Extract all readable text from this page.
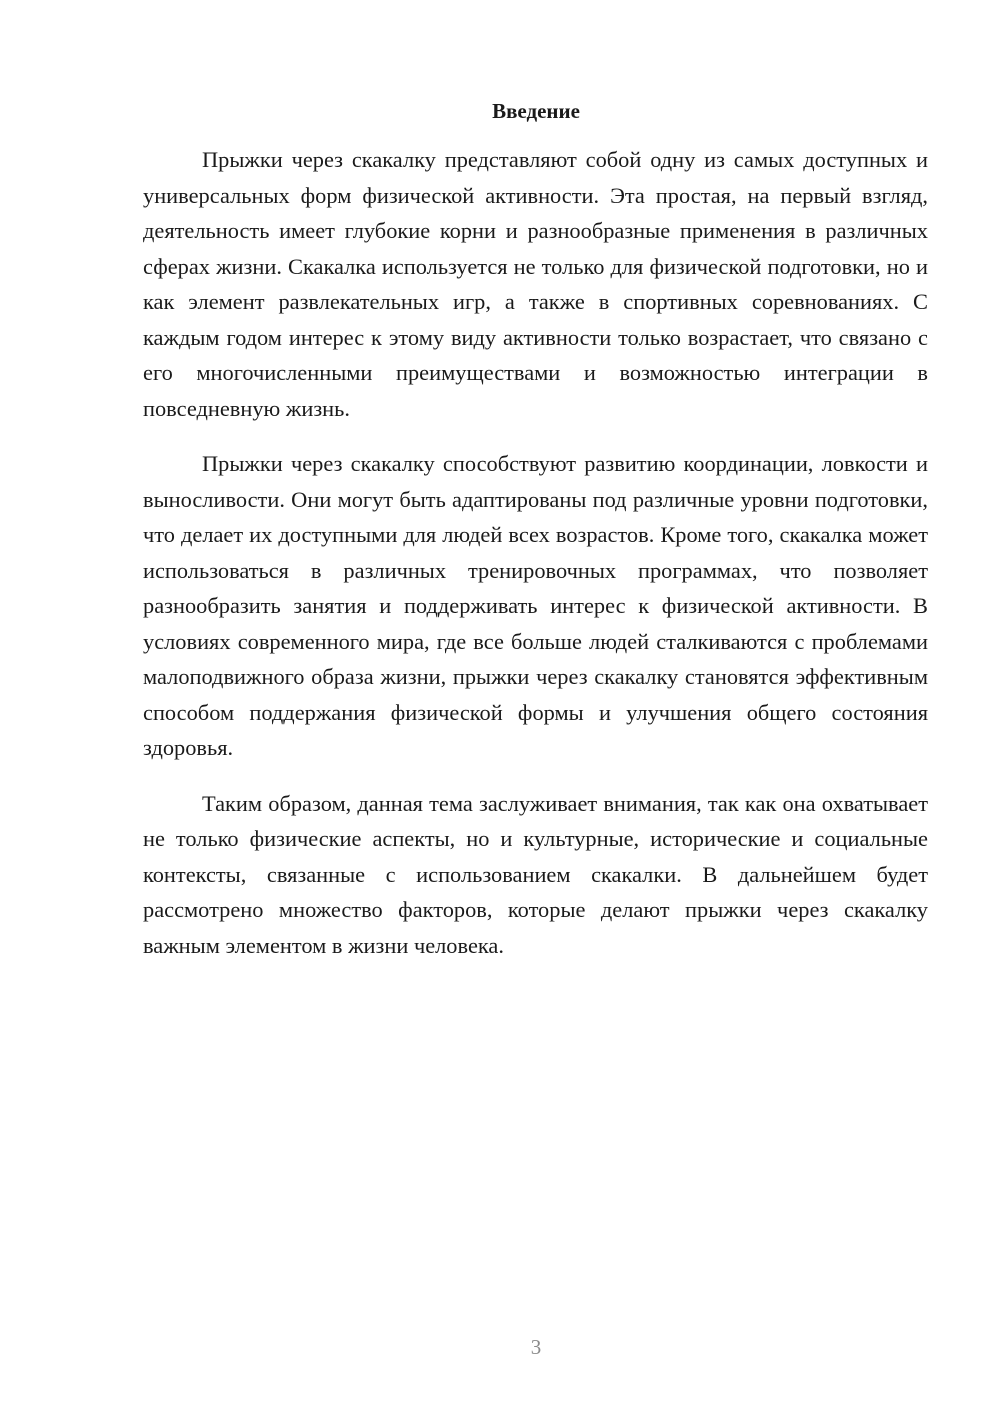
Введение

Прыжки через скакалку представляют собой одну из самых доступных и универсальных форм физической активности. Эта простая, на первый взгляд, деятельность имеет глубокие корни и разнообразные применения в различных сферах жизни. Скакалка используется не только для физической подготовки, но и как элемент развлекательных игр, а также в спортивных соревнованиях. С каждым годом интерес к этому виду активности только возрастает, что связано с его многочисленными преимуществами и возможностью интеграции в повседневную жизнь.

Прыжки через скакалку способствуют развитию координации, ловкости и выносливости. Они могут быть адаптированы под различные уровни подготовки, что делает их доступными для людей всех возрастов. Кроме того, скакалка может использоваться в различных тренировочных программах, что позволяет разнообразить занятия и поддерживать интерес к физической активности. В условиях современного мира, где все больше людей сталкиваются с проблемами малоподвижного образа жизни, прыжки через скакалку становятся эффективным способом поддержания физической формы и улучшения общего состояния здоровья.

Таким образом, данная тема заслуживает внимания, так как она охватывает не только физические аспекты, но и культурные, исторические и социальные контексты, связанные с использованием скакалки. В дальнейшем будет рассмотрено множество факторов, которые делают прыжки через скакалку важным элементом в жизни человека.

3
